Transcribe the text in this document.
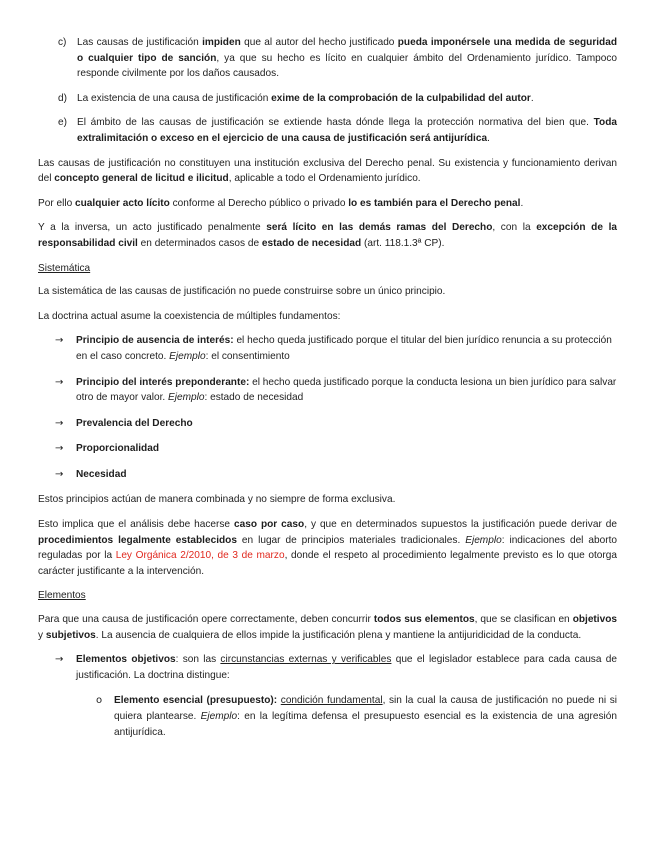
c) Las causas de justificación impiden que al autor del hecho justificado pueda imponérsele una medida de seguridad o cualquier tipo de sanción, ya que su hecho es lícito en cualquier ámbito del Ordenamiento jurídico. Tampoco responde civilmente por los daños causados.
d) La existencia de una causa de justificación exime de la comprobación de la culpabilidad del autor.
e) El ámbito de las causas de justificación se extiende hasta dónde llega la protección normativa del bien que. Toda extralimitación o exceso en el ejercicio de una causa de justificación será antijurídica.

Las causas de justificación no constituyen una institución exclusiva del Derecho penal. Su existencia y funcionamiento derivan del concepto general de licitud e ilicitud, aplicable a todo el Ordenamiento jurídico.

Por ello cualquier acto lícito conforme al Derecho público o privado lo es también para el Derecho penal.

Y a la inversa, un acto justificado penalmente será lícito en las demás ramas del Derecho, con la excepción de la responsabilidad civil en determinados casos de estado de necesidad (art. 118.1.3ª CP).

Sistemática

La sistemática de las causas de justificación no puede construirse sobre un único principio.

La doctrina actual asume la coexistencia de múltiples fundamentos:

→ Principio de ausencia de interés: el hecho queda justificado porque el titular del bien jurídico renuncia a su protección en el caso concreto. Ejemplo: el consentimiento
→ Principio del interés preponderante: el hecho queda justificado porque la conducta lesiona un bien jurídico para salvar otro de mayor valor. Ejemplo: estado de necesidad
→ Prevalencia del Derecho
→ Proporcionalidad
→ Necesidad

Estos principios actúan de manera combinada y no siempre de forma exclusiva.

Esto implica que el análisis debe hacerse caso por caso, y que en determinados supuestos la justificación puede derivar de procedimientos legalmente establecidos en lugar de principios materiales tradicionales. Ejemplo: indicaciones del aborto reguladas por la Ley Orgánica 2/2010, de 3 de marzo, donde el respeto al procedimiento legalmente previsto es lo que otorga carácter justificante a la intervención.

Elementos

Para que una causa de justificación opere correctamente, deben concurrir todos sus elementos, que se clasifican en objetivos y subjetivos. La ausencia de cualquiera de ellos impide la justificación plena y mantiene la antijuridicidad de la conducta.

→ Elementos objetivos: son las circunstancias externas y verificables que el legislador establece para cada causa de justificación. La doctrina distingue:
o Elemento esencial (presupuesto): condición fundamental, sin la cual la causa de justificación no puede ni si quiera plantearse. Ejemplo: en la legítima defensa el presupuesto esencial es la existencia de una agresión antijurídica.
